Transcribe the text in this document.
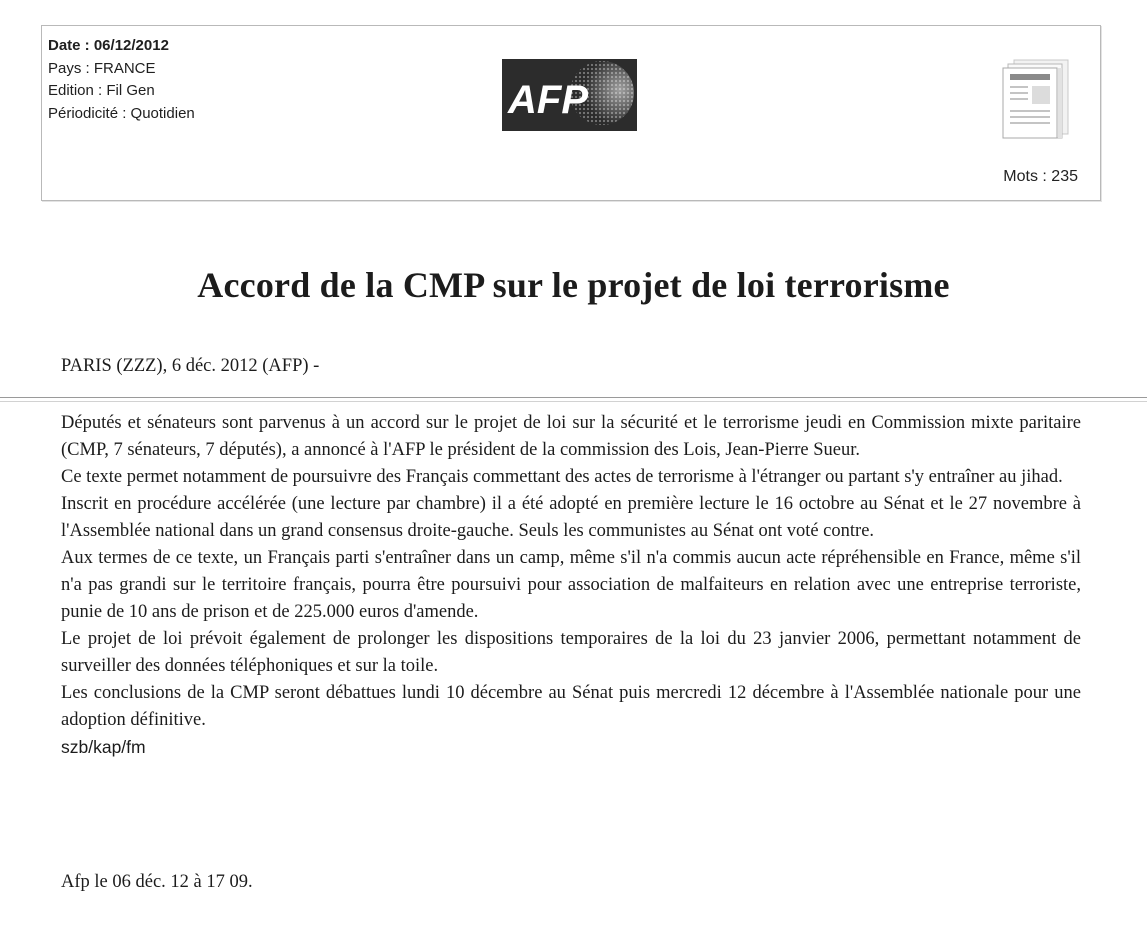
Date : 06/12/2012
Pays : FRANCE
Edition : Fil Gen
Périodicité : Quotidien	AFP
Mots : 235
Accord de la CMP sur le projet de loi terrorisme
PARIS (ZZZ), 6 déc. 2012 (AFP) -

Députés et sénateurs sont parvenus à un accord sur le projet de loi sur la sécurité et le terrorisme jeudi en Commission mixte paritaire (CMP, 7 sénateurs, 7 députés), a annoncé à l'AFP le président de la commission des Lois, Jean-Pierre Sueur.

Ce texte permet notamment de poursuivre des Français commettant des actes de terrorisme à l'étranger ou partant s'y entraîner au jihad.

Inscrit en procédure accélérée (une lecture par chambre) il a été adopté en première lecture le 16 octobre au Sénat et le 27 novembre à l'Assemblée national dans un grand consensus droite-gauche. Seuls les communistes au Sénat ont voté contre.

Aux termes de ce texte, un Français parti s'entraîner dans un camp, même s'il n'a commis aucun acte répréhensible en France, même s'il n'a pas grandi sur le territoire français, pourra être poursuivi pour association de malfaiteurs en relation avec une entreprise terroriste, punie de 10 ans de prison et de 225.000 euros d'amende.

Le projet de loi prévoit également de prolonger les dispositions temporaires de la loi du 23 janvier 2006, permettant notamment de surveiller des données téléphoniques et sur la toile.

Les conclusions de la CMP seront débattues lundi 10 décembre au Sénat puis mercredi 12 décembre à l'Assemblée nationale pour une adoption définitive.

szb/kap/fm
Afp le 06 déc. 12 à 17 09.
